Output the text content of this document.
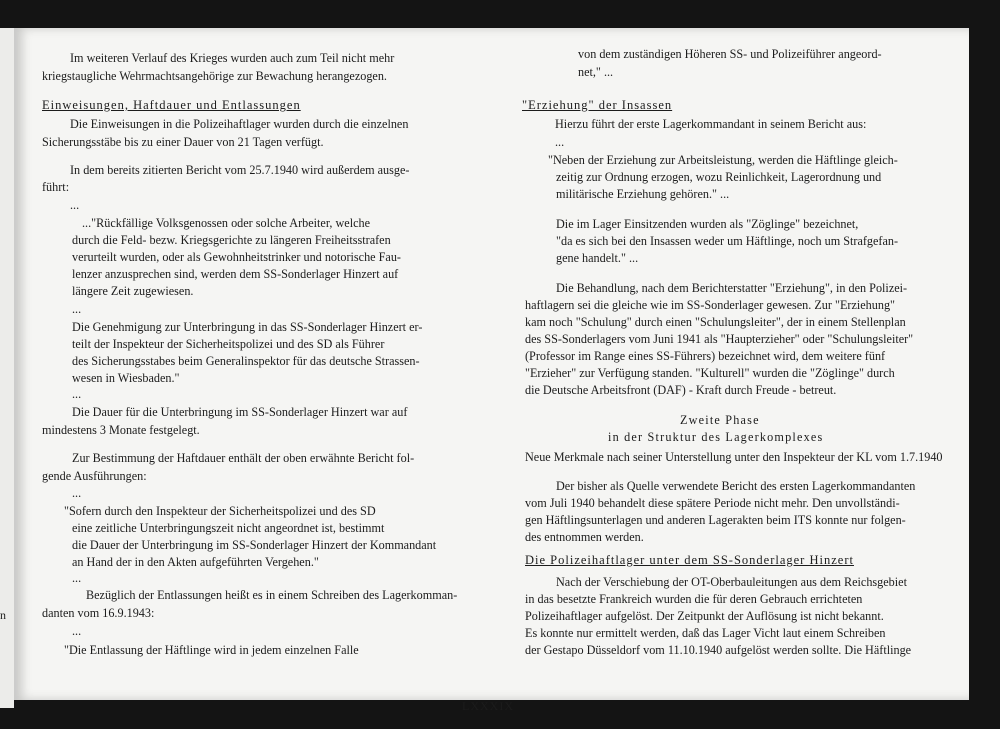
n
Im weiteren Verlauf des Krieges wurden auch zum Teil nicht mehr
kriegstaugliche Wehrmachtsangehörige zur Bewachung herangezogen.
Einweisungen, Haftdauer und Entlassungen
Die Einweisungen in die Polizeihaftlager wurden durch die einzelnen
Sicherungsstäbe bis zu einer Dauer von 21 Tagen verfügt.
In dem bereits zitierten Bericht vom 25.7.1940 wird außerdem ausge-
führt:
...
..."Rückfällige Volksgenossen oder solche Arbeiter, welche
durch die Feld- bezw. Kriegsgerichte zu längeren Freiheitsstrafen
verurteilt wurden, oder als Gewohnheitstrinker und notorische Fau-
lenzer anzusprechen sind, werden dem SS-Sonderlager Hinzert auf
längere Zeit zugewiesen.
...
Die Genehmigung zur Unterbringung in das SS-Sonderlager Hinzert er-
teilt der Inspekteur der Sicherheitspolizei und des SD als Führer
des Sicherungsstabes beim Generalinspektor für das deutsche Strassen-
wesen in Wiesbaden."
...
Die Dauer für die Unterbringung im SS-Sonderlager Hinzert war auf
mindestens 3 Monate festgelegt.
Zur Bestimmung der Haftdauer enthält der oben erwähnte Bericht fol-
gende Ausführungen:
...
"Sofern durch den Inspekteur der Sicherheitspolizei und des SD
eine zeitliche Unterbringungszeit nicht angeordnet ist, bestimmt
die Dauer der Unterbringung im SS-Sonderlager Hinzert der Kommandant
an Hand der in den Akten aufgeführten Vergehen."
...
Bezüglich der Entlassungen heißt es in einem Schreiben des Lagerkomman-
danten vom 16.9.1943:
...
"Die Entlassung der Häftlinge wird in jedem einzelnen Falle
von dem zuständigen Höheren SS- und Polizeiführer angeord-
net," ...
"Erziehung" der Insassen
Hierzu führt der erste Lagerkommandant in seinem Bericht aus:
...
"Neben der Erziehung zur Arbeitsleistung, werden die Häftlinge gleich-
zeitig zur Ordnung erzogen, wozu Reinlichkeit, Lagerordnung und
militärische Erziehung gehören." ...
Die im Lager Einsitzenden wurden als "Zöglinge" bezeichnet,
"da es sich bei den Insassen weder um Häftlinge, noch um Strafgefan-
gene handelt." ...
Die Behandlung, nach dem Berichterstatter "Erziehung", in den Polizei-
haftlagern sei die gleiche wie im SS-Sonderlager gewesen. Zur "Erziehung"
kam noch "Schulung" durch einen "Schulungsleiter", der in einem Stellenplan
des SS-Sonderlagers vom Juni 1941 als "Haupterzieher" oder "Schulungsleiter"
(Professor im Range eines SS-Führers) bezeichnet wird, dem weitere fünf
"Erzieher" zur Verfügung standen. "Kulturell" wurden die "Zöglinge" durch
die Deutsche Arbeitsfront (DAF) - Kraft durch Freude - betreut.
Zweite Phase
in der Struktur des Lagerkomplexes
Neue Merkmale nach seiner Unterstellung unter den Inspekteur der KL vom 1.7.1940
Der bisher als Quelle verwendete Bericht des ersten Lagerkommandanten
vom Juli 1940 behandelt diese spätere Periode nicht mehr. Den unvollständi-
gen Häftlingsunterlagen und anderen Lagerakten beim ITS konnte nur folgen-
des entnommen werden.
Die Polizeihaftlager unter dem SS-Sonderlager Hinzert
Nach der Verschiebung der OT-Oberbauleitungen aus dem Reichsgebiet
in das besetzte Frankreich wurden die für deren Gebrauch errichteten
Polizeihaftlager aufgelöst. Der Zeitpunkt der Auflösung ist nicht bekannt.
Es konnte nur ermittelt werden, daß das Lager Vicht laut einem Schreiben
der Gestapo Düsseldorf vom 11.10.1940 aufgelöst werden sollte. Die Häftlinge
LXXXIX
